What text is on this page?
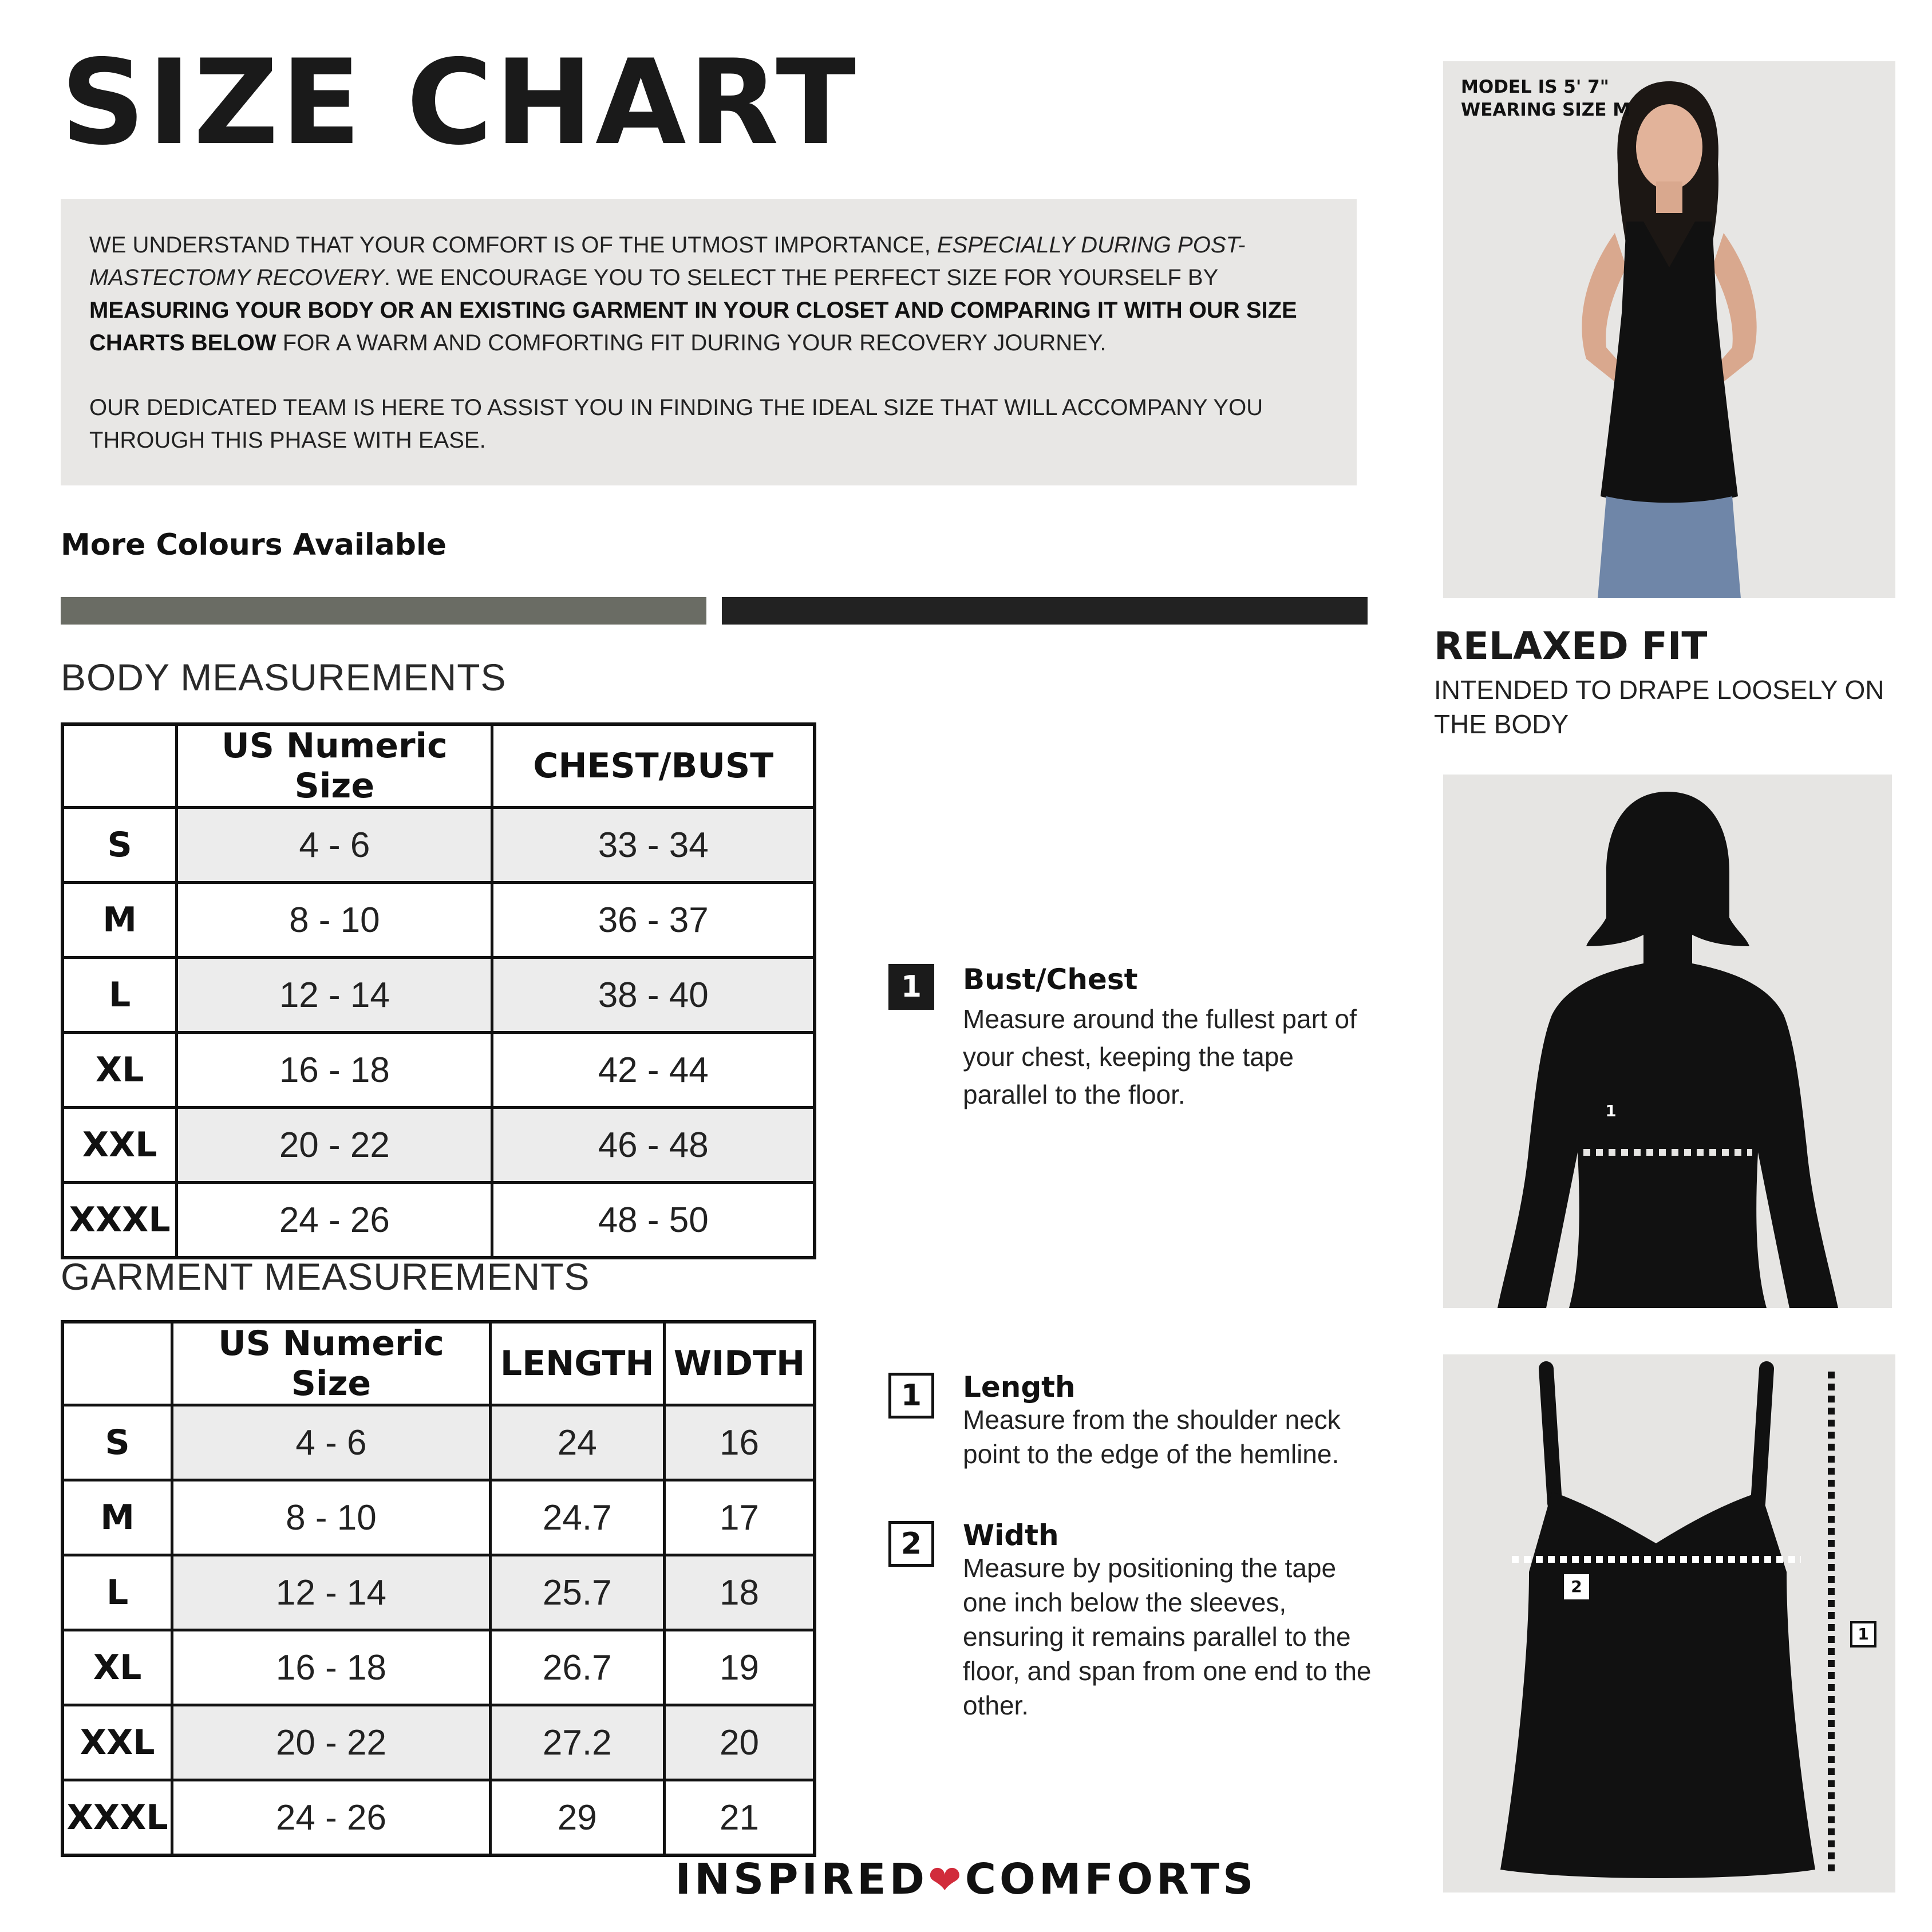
SIZE CHART

WE UNDERSTAND THAT YOUR COMFORT IS OF THE UTMOST IMPORTANCE, ESPECIALLY DURING POST-MASTECTOMY RECOVERY. WE ENCOURAGE YOU TO SELECT THE PERFECT SIZE FOR YOURSELF BY MEASURING YOUR BODY OR AN EXISTING GARMENT IN YOUR CLOSET AND COMPARING IT WITH OUR SIZE CHARTS BELOW FOR A WARM AND COMFORTING FIT DURING YOUR RECOVERY JOURNEY.

OUR DEDICATED TEAM IS HERE TO ASSIST YOU IN FINDING THE IDEAL SIZE THAT WILL ACCOMPANY YOU THROUGH THIS PHASE WITH EASE.

More Colours Available
BODY MEASUREMENTS
	US Numeric Size	CHEST/BUST
S	4 - 6	33 - 34
M	8 - 10	36 - 37
L	12 - 14	38 - 40
XL	16 - 18	42 - 44
XXL	20 - 22	46 - 48
XXXL	24 - 26	48 - 50
GARMENT MEASUREMENTS
	US Numeric Size	LENGTH	WIDTH
S	4 - 6	24	16
M	8 - 10	24.7	17
L	12 - 14	25.7	18
XL	16 - 18	26.7	19
XXL	20 - 22	27.2	20
XXXL	24 - 26	29	21
1	Bust/Chest
Measure around the fullest part of your chest, keeping the tape parallel to the floor.
1	Length
Measure from the shoulder neck point to the edge of the hemline.
2	Width
Measure by positioning the tape one inch below the sleeves, ensuring it remains parallel to the floor, and span from one end to the other.
MODEL IS 5' 7"
WEARING SIZE M
RELAXED FIT
INTENDED TO DRAPE LOOSELY ON THE BODY
1
2
1
INSPIRED❤COMFORTS
